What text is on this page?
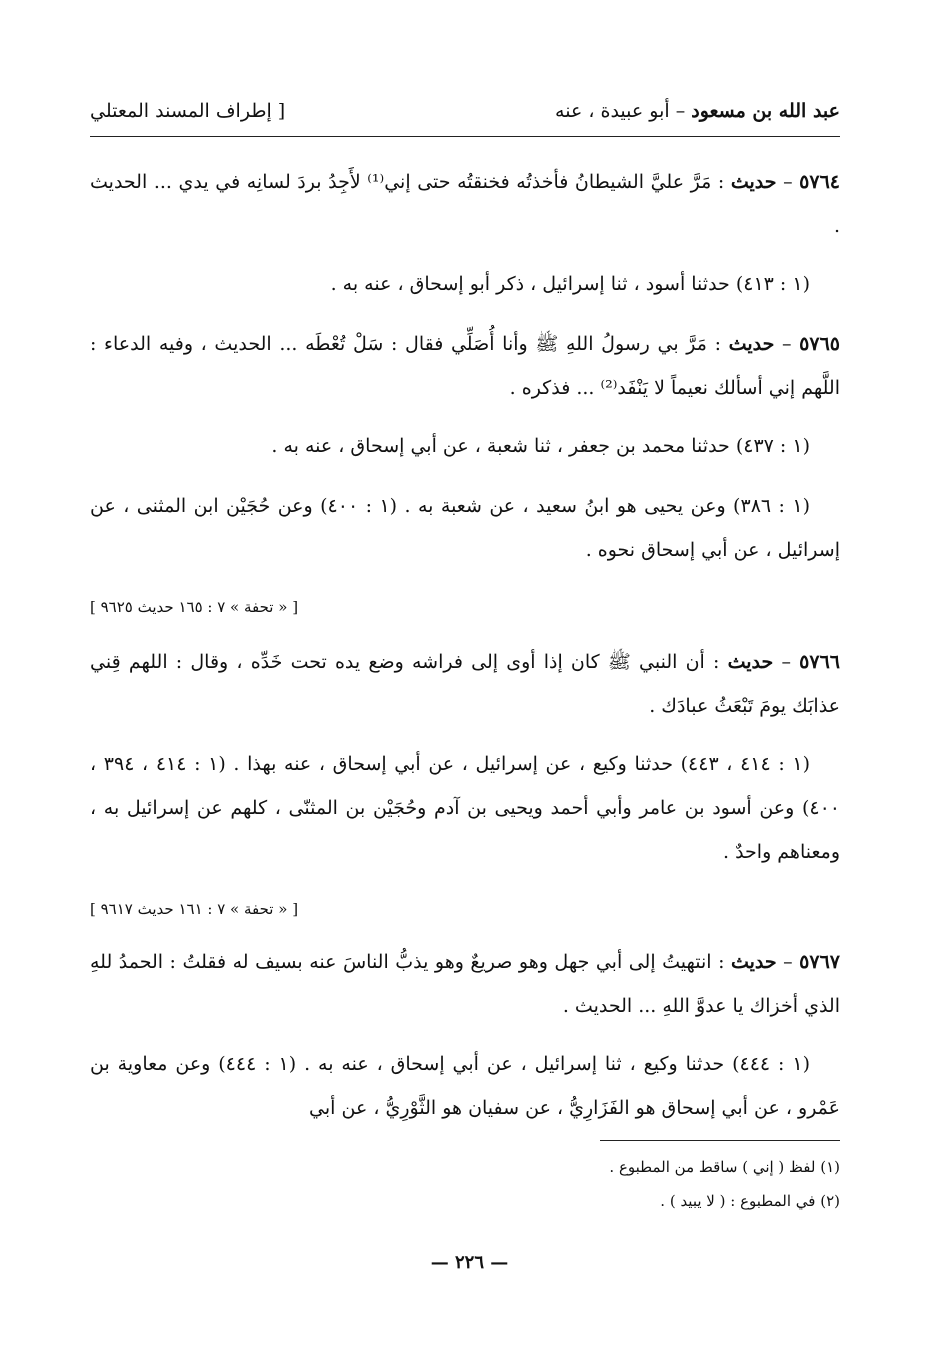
عبد الله بن مسعود – أبو عبيدة ، عنه
[ إطراف المسند المعتلي
٥٧٦٤ – حديث : مَرَّ عليَّ الشيطانُ فأخذتُه فخنقتُه حتى إني⁽¹⁾ لأَجِدُ بردَ لسانِه في يدي ... الحديث .
(١ : ٤١٣) حدثنا أسود ، ثنا إسرائيل ، ذكر أبو إسحاق ، عنه به .
٥٧٦٥ – حديث : مَرَّ بي رسولُ اللهِ ﷺ وأنا أُصَلِّي فقال : سَلْ تُعْطَه ... الحديث ، وفيه الدعاء : اللَّهم إني أسألك نعيماً لا يَنْفَد⁽²⁾ ... فذكره .
(١ : ٤٣٧) حدثنا محمد بن جعفر ، ثنا شعبة ، عن أبي إسحاق ، عنه به .
(١ : ٣٨٦) وعن يحيى هو ابنُ سعيد ، عن شعبة به . (١ : ٤٠٠) وعن حُجَيْن ابن المثنى ، عن إسرائيل ، عن أبي إسحاق نحوه .
[ « تحفة » ٧ : ١٦٥ حديث ٩٦٢٥ ]
٥٧٦٦ – حديث : أن النبي ﷺ كان إذا أوى إلى فراشه وضع يده تحت خَدِّه ، وقال : اللهم قِني عذابَك يومَ تَبْعَثُ عبادَك .
(١ : ٤١٤ ، ٤٤٣) حدثنا وكيع ، عن إسرائيل ، عن أبي إسحاق ، عنه بهذا . (١ : ٤١٤ ، ٣٩٤ ، ٤٠٠) وعن أسود بن عامر وأبي أحمد ويحيى بن آدم وحُجَيْن بن المثنّى ، كلهم عن إسرائيل به ، ومعناهم واحدٌ .
[ « تحفة » ٧ : ١٦١ حديث ٩٦١٧ ]
٥٧٦٧ – حديث : انتهيتُ إلى أبي جهل وهو صريعٌ وهو يذبُّ الناسَ عنه بسيف له فقلتُ : الحمدُ للهِ الذي أخزاك يا عدوَّ اللهِ ... الحديث .
(١ : ٤٤٤) حدثنا وكيع ، ثنا إسرائيل ، عن أبي إسحاق ، عنه به . (١ : ٤٤٤) وعن معاوية بن عَمْرو ، عن أبي إسحاق هو الفَزَارِيُّ ، عن سفيان هو الثَّوْرِيُّ ، عن أبي
(١) لفظ ( إني ) ساقط من المطبوع .
(٢) في المطبوع : ( لا يبيد ) .
— ٢٢٦ —
